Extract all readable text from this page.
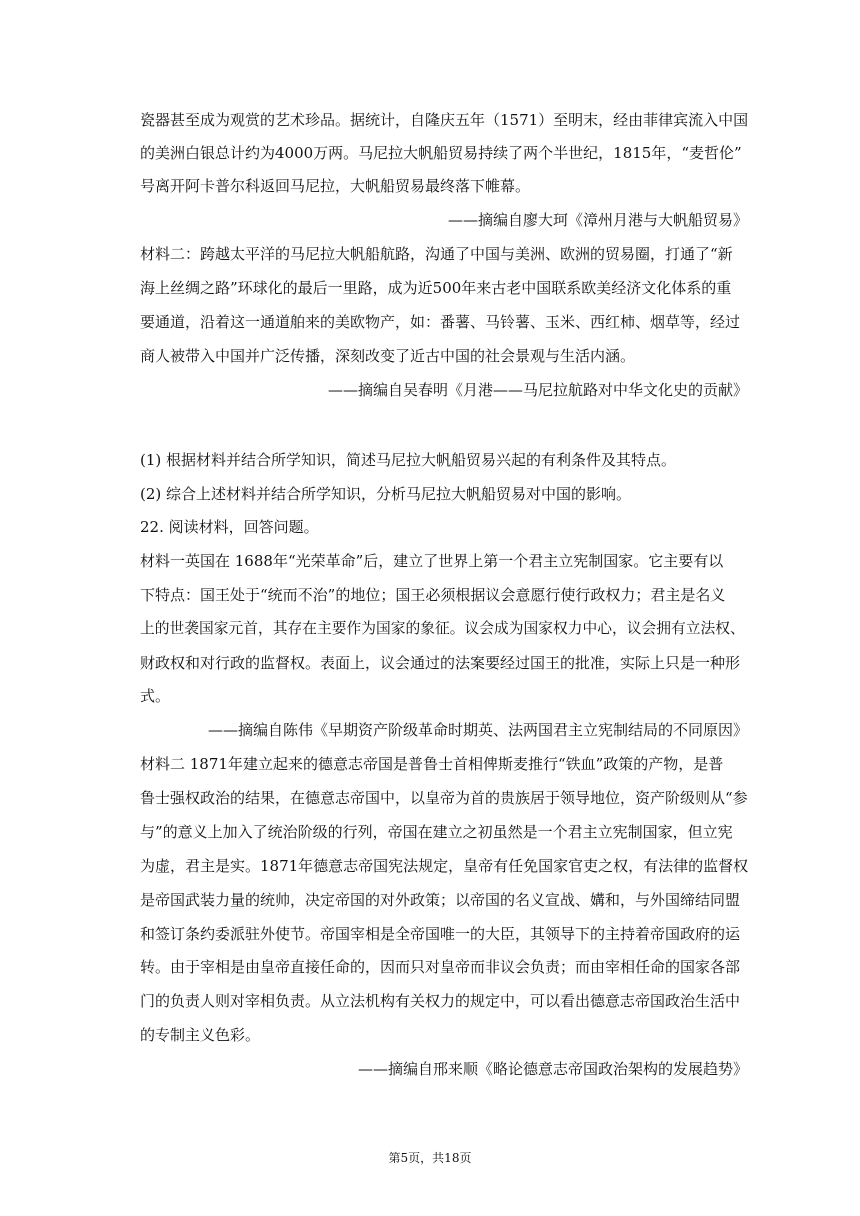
瓷器甚至成为观赏的艺术珍品。据统计，自隆庆五年（1571）至明末，经由菲律宾流入中国
的美洲白银总计约为4000万两。马尼拉大帆船贸易持续了两个半世纪，1815年，“麦哲伦”
号离开阿卡普尔科返回马尼拉，大帆船贸易最终落下帷幕。
——摘编自廖大珂《漳州月港与大帆船贸易》
材料二：跨越太平洋的马尼拉大帆船航路，沟通了中国与美洲、欧洲的贸易圈，打通了“新
海上丝绸之路”环球化的最后一里路，成为近500年来古老中国联系欧美经济文化体系的重
要通道，沿着这一通道舶来的美欧物产，如：番薯、马铃薯、玉米、西红柿、烟草等，经过
商人被带入中国并广泛传播，深刻改变了近古中国的社会景观与生活内涵。
——摘编自吴春明《月港——马尼拉航路对中华文化史的贡献》
(1) 根据材料并结合所学知识，简述马尼拉大帆船贸易兴起的有利条件及其特点。
(2) 综合上述材料并结合所学知识，分析马尼拉大帆船贸易对中国的影响。
22. 阅读材料，回答问题。
材料一英国在 1688年“光荣革命”后，建立了世界上第一个君主立宪制国家。它主要有以
下特点：国王处于“统而不治”的地位；国王必须根据议会意愿行使行政权力；君主是名义
上的世袭国家元首，其存在主要作为国家的象征。议会成为国家权力中心，议会拥有立法权、
财政权和对行政的监督权。表面上，议会通过的法案要经过国王的批准，实际上只是一种形
式。
——摘编自陈伟《早期资产阶级革命时期英、法两国君主立宪制结局的不同原因》
材料二 1871年建立起来的德意志帝国是普鲁士首相俾斯麦推行“铁血”政策的产物，是普
鲁士强权政治的结果，在德意志帝国中，以皇帝为首的贵族居于领导地位，资产阶级则从“参
与”的意义上加入了统治阶级的行列，帝国在建立之初虽然是一个君主立宪制国家，但立宪
为虚，君主是实。1871年德意志帝国宪法规定，皇帝有任免国家官吏之权，有法律的监督权
是帝国武装力量的统帅，决定帝国的对外政策；以帝国的名义宣战、媾和，与外国缔结同盟
和签订条约委派驻外使节。帝国宰相是全帝国唯一的大臣，其领导下的主持着帝国政府的运
转。由于宰相是由皇帝直接任命的，因而只对皇帝而非议会负责；而由宰相任命的国家各部
门的负责人则对宰相负责。从立法机构有关权力的规定中，可以看出德意志帝国政治生活中
的专制主义色彩。
——摘编自邢来顺《略论德意志帝国政治架构的发展趋势》
第5页，共18页
